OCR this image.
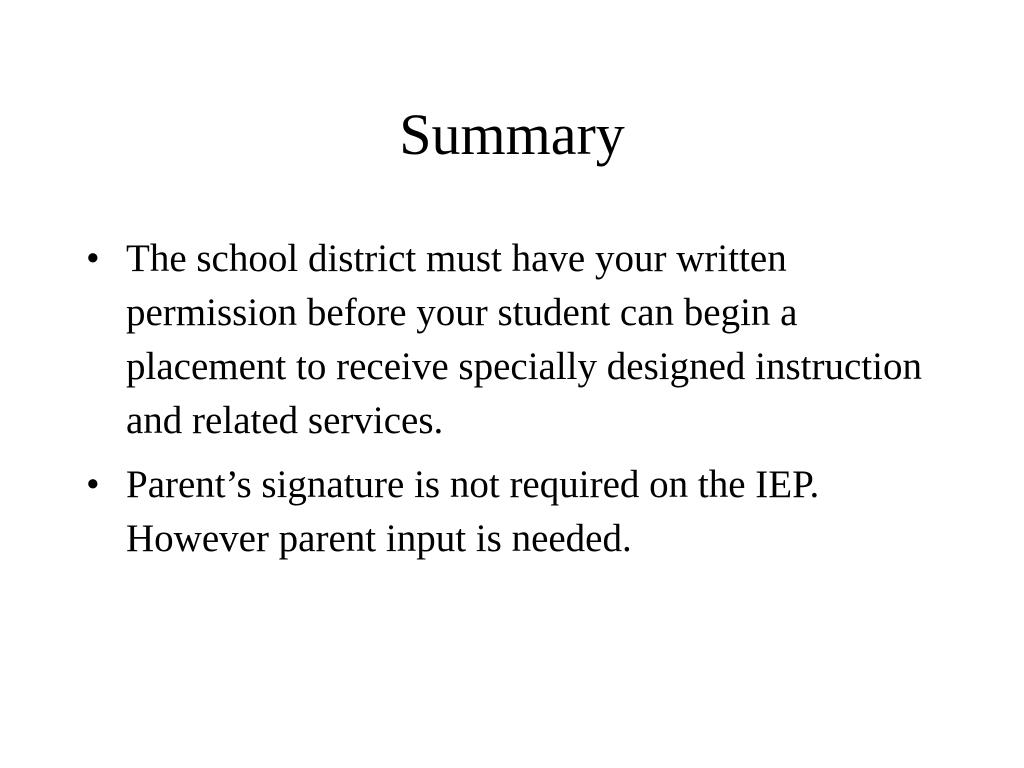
Summary
• The school district must have your written permission before your student can begin a placement to receive specially designed instruction and related services.
• Parent’s signature is not required on the IEP. However parent input is needed.
